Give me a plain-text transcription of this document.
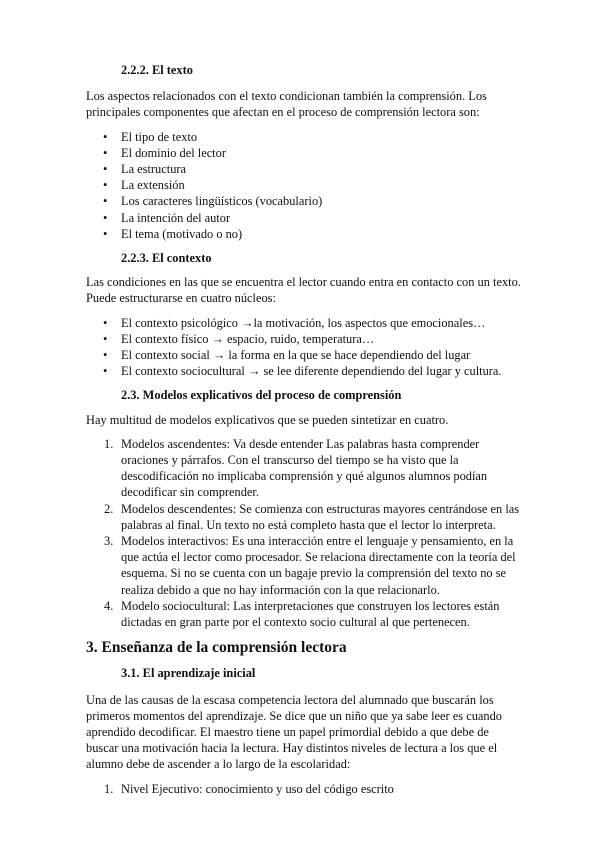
2.2.2. El texto

Los aspectos relacionados con el texto condicionan también la comprensión. Los principales componentes que afectan en el proceso de comprensión lectora son:

• El tipo de texto
• El dominio del lector
• La estructura
• La extensión
• Los caracteres lingüísticos (vocabulario)
• La intención del autor
• El tema (motivado o no)
2.2.3. El contexto

Las condiciones en las que se encuentra el lector cuando entra en contacto con un texto. Puede estructurarse en cuatro núcleos:

• El contexto psicológico →la motivación, los aspectos que emocionales…
• El contexto físico → espacio, ruido, temperatura…
• El contexto social → la forma en la que se hace dependiendo del lugar
• El contexto sociocultural → se lee diferente dependiendo del lugar y cultura.
2.3. Modelos explicativos del proceso de comprensión

Hay multitud de modelos explicativos que se pueden sintetizar en cuatro.

1. Modelos ascendentes: Va desde entender Las palabras hasta comprender oraciones y párrafos. Con el transcurso del tiempo se ha visto que la descodificación no implicaba comprensión y qué algunos alumnos podían decodificar sin comprender.
2. Modelos descendentes: Se comienza con estructuras mayores centrándose en las palabras al final. Un texto no está completo hasta que el lector lo interpreta.
3. Modelos interactivos: Es una interacción entre el lenguaje y pensamiento, en la que actúa el lector como procesador. Se relaciona directamente con la teoría del esquema. Si no se cuenta con un bagaje previo la comprensión del texto no se realiza debido a que no hay información con la que relacionarlo.
4. Modelo sociocultural: Las interpretaciones que construyen los lectores están dictadas en gran parte por el contexto socio cultural al que pertenecen.
3. Enseñanza de la comprensión lectora
3.1. El aprendizaje inicial

Una de las causas de la escasa competencia lectora del alumnado que buscarán los primeros momentos del aprendizaje. Se dice que un niño que ya sabe leer es cuando aprendido decodificar. El maestro tiene un papel primordial debido a que debe de buscar una motivación hacia la lectura. Hay distintos niveles de lectura a los que el alumno debe de ascender a lo largo de la escolaridad:

1. Nivel Ejecutivo: conocimiento y uso del código escrito
